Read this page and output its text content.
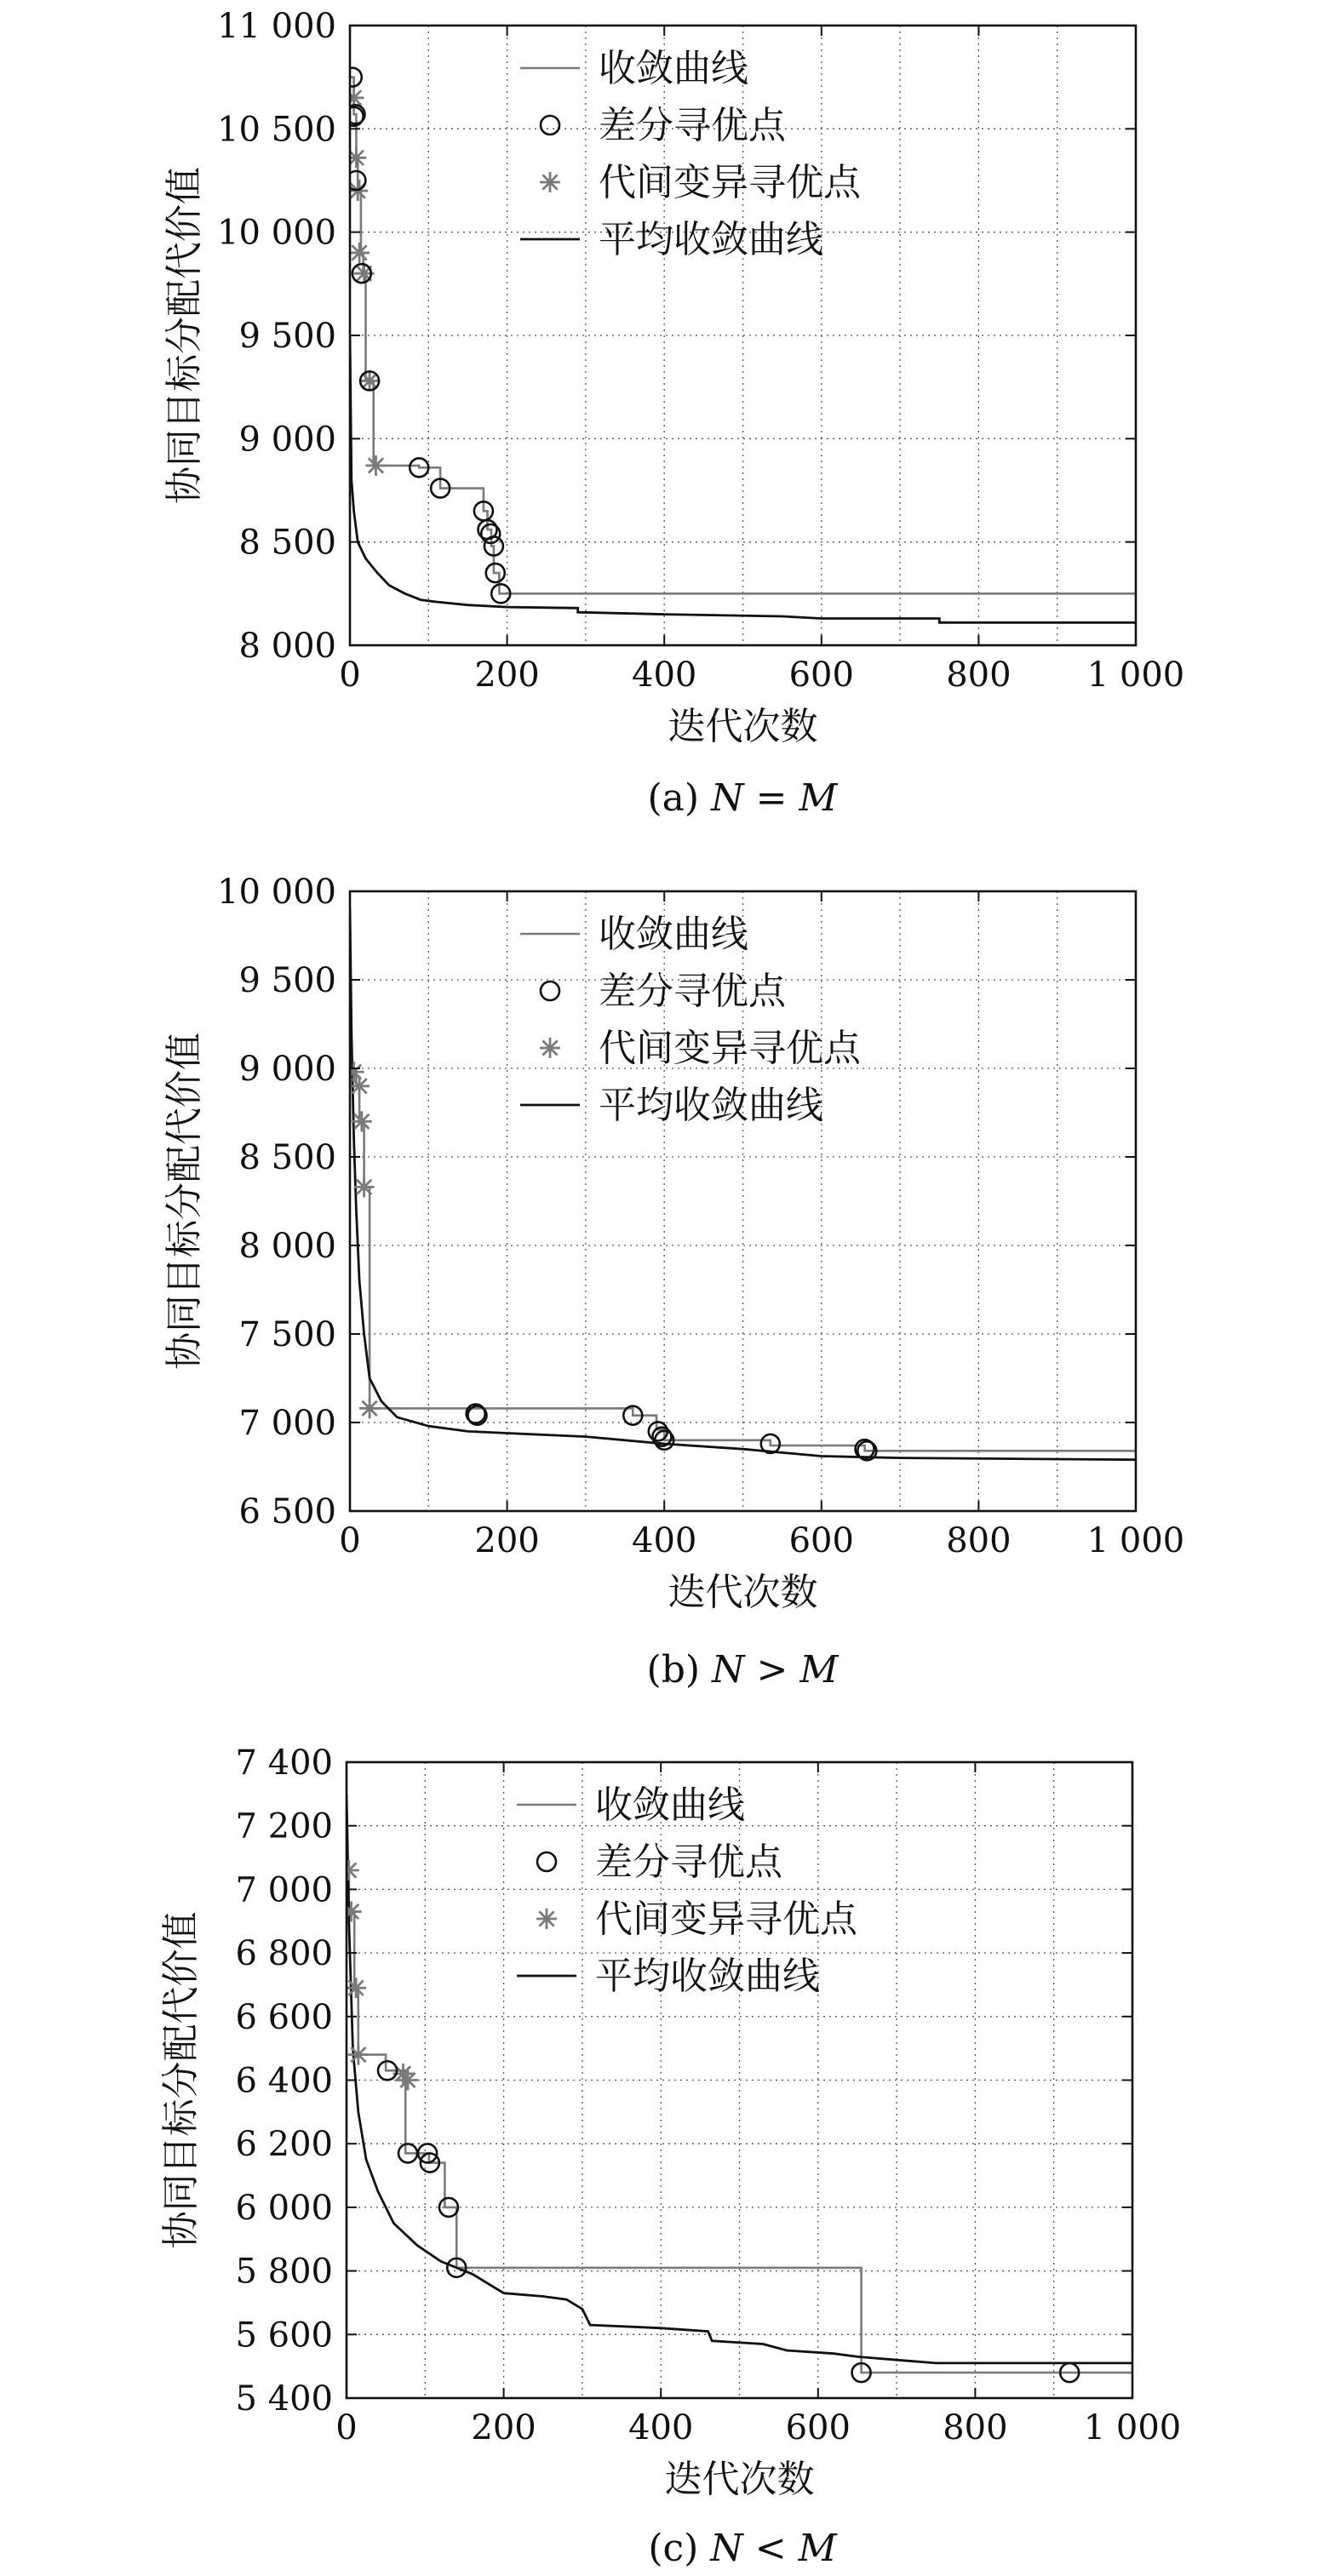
0	200	400	600	800 1 000
8 000
8 500
9 000
9 500
10 000
10 500
11 000
迭代次数
协同目标分配代价值
收敛曲线
差分寻优点
代间变异寻优点
平均收敛曲线
(a) N = M
0	200	400	600	800 1 000
6 500
7 000
7 500
8 000
8 500
9 000
9 500
10 000
迭代次数
协同目标分配代价值
收敛曲线
差分寻优点
代间变异寻优点
平均收敛曲线
(b) N > M
0	200	400	600	800 1 000
5 400
5 600
5 800
6 000
6 200
6 400
6 600
6 800
7 000
7 200
7 400
迭代次数
协同目标分配代价值
收敛曲线
差分寻优点
代间变异寻优点
平均收敛曲线
(c) N < M
